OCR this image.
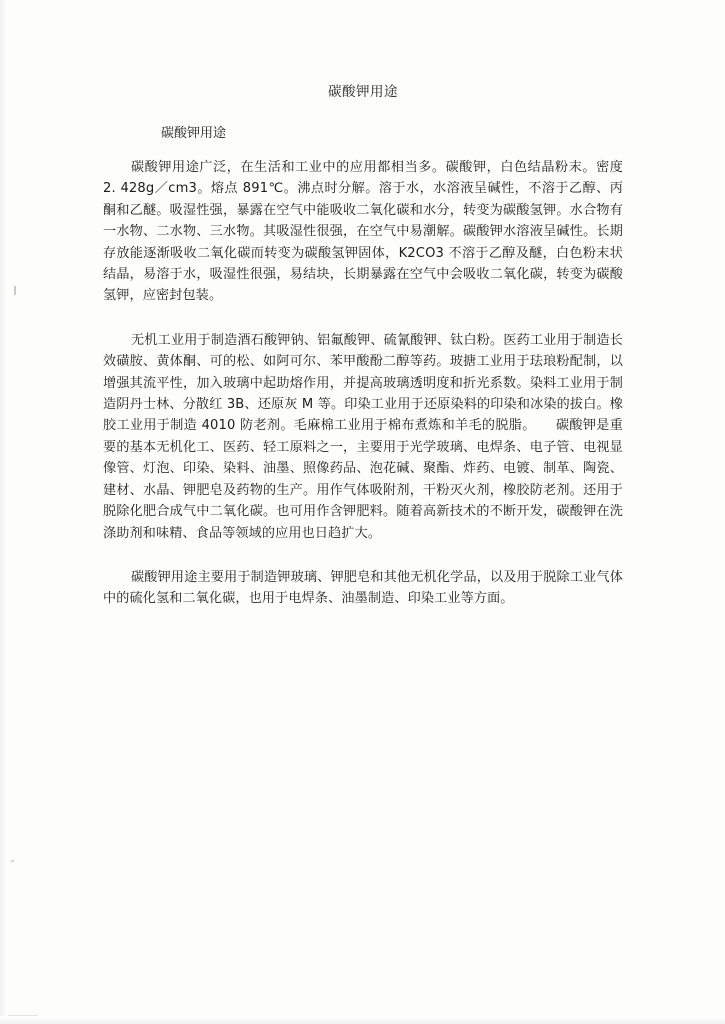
碳酸钾用途
碳酸钾用途

碳酸钾用途广泛，在生活和工业中的应用都相当多。碳酸钾，白色结晶粉末。密度 2. 428g／cm3。熔点 891℃。沸点时分解。溶于水，水溶液呈碱性，不溶于乙醇、丙酮和乙醚。吸湿性强，暴露在空气中能吸收二氧化碳和水分，转变为碳酸氢钾。水合物有一水物、二水物、三水物。其吸湿性很强，在空气中易潮解。碳酸钾水溶液呈碱性。长期存放能逐渐吸收二氧化碳而转变为碳酸氢钾固体，K2CO3 不溶于乙醇及醚，白色粉末状结晶，易溶于水，吸湿性很强，易结块，长期暴露在空气中会吸收二氧化碳，转变为碳酸氢钾，应密封包装。

无机工业用于制造酒石酸钾钠、铝氟酸钾、硫氰酸钾、钛白粉。医药工业用于制造长效磺胺、黄体酮、可的松、如阿可尔、苯甲酸酚二醇等药。玻搪工业用于珐琅粉配制，以增强其流平性，加入玻璃中起助熔作用，并提高玻璃透明度和折光系数。染料工业用于制造阴丹士林、分散红 3B、还原灰 M 等。印染工业用于还原染料的印染和冰染的拔白。橡胶工业用于制造 4010 防老剂。毛麻棉工业用于棉布煮炼和羊毛的脱脂。　　碳酸钾是重要的基本无机化工、医药、轻工原料之一，主要用于光学玻璃、电焊条、电子管、电视显像管、灯泡、印染、染料、油墨、照像药品、泡花碱、聚酯、炸药、电镀、制革、陶瓷、建材、水晶、钾肥皂及药物的生产。用作气体吸附剂，干粉灭火剂，橡胶防老剂。还用于脱除化肥合成气中二氧化碳。也可用作含钾肥料。随着高新技术的不断开发，碳酸钾在洗涤助剂和味精、食品等领域的应用也日趋扩大。

碳酸钾用途主要用于制造钾玻璃、钾肥皂和其他无机化学品，以及用于脱除工业气体中的硫化氢和二氧化碳，也用于电焊条、油墨制造、印染工业等方面。
